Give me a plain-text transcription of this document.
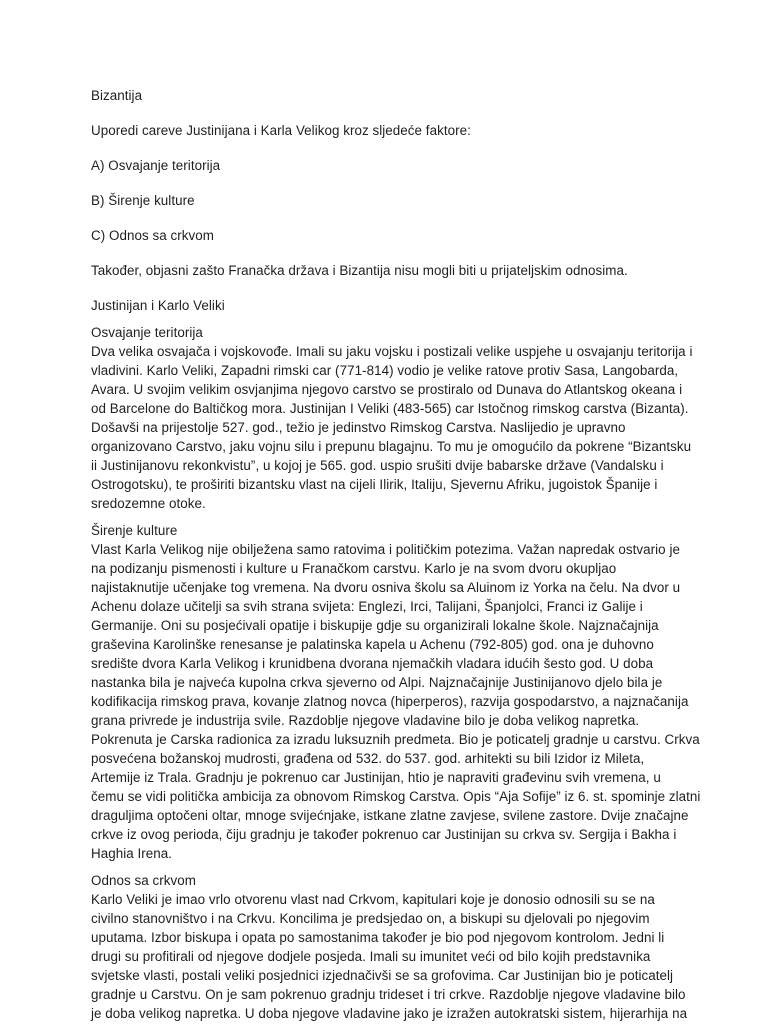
Bizantija

Uporedi careve Justinijana i Karla Velikog kroz sljedeće faktore:

A) Osvajanje teritorija

B) Širenje kulture

C) Odnos sa crkvom

Također, objasni zašto Franačka država i Bizantija nisu mogli biti u prijateljskim odnosima.

Justinijan i Karlo Veliki

Osvajanje teritorija

Dva velika osvajača i vojskovođe. Imali su jaku vojsku i postizali velike uspjehe u osvajanju teritorija i

vladivini. Karlo Veliki, Zapadni rimski car (771-814) vodio je velike ratove protiv Sasa, Langobarda,

Avara. U svojim velikim osvjanjima njegovo carstvo se prostiralo od Dunava do Atlantskog okeana i

od Barcelone do Baltičkog mora. Justinijan I Veliki (483-565) car Istočnog rimskog carstva (Bizanta).

Došavši na prijestolje 527. god., težio je jedinstvo Rimskog Carstva. Naslijedio je upravno

organizovano Carstvo, jaku vojnu silu i prepunu blagajnu. To mu je omogućilo da pokrene “Bizantsku

ii Justinijanovu rekonkvistu”, u kojoj je 565. god. uspio srušiti dvije babarske države (Vandalsku i

Ostrogotsku), te proširiti bizantsku vlast na cijeli Ilirik, Italiju, Sjevernu Afriku, jugoistok Španije i

sredozemne otoke.

Širenje kulture

Vlast Karla Velikog nije obilježena samo ratovima i političkim potezima. Važan napredak ostvario je

na podizanju pismenosti i kulture u Franačkom carstvu. Karlo je na svom dvoru okupljao

najistaknutije učenjake tog vremena. Na dvoru osniva školu sa Aluinom iz Yorka na čelu. Na dvor u

Achenu dolaze učitelji sa svih strana svijeta: Englezi, Irci, Talijani, Španjolci, Franci iz Galije i

Germanije. Oni su posjećivali opatije i biskupije gdje su organizirali lokalne škole. Najznačajnija

graševina Karolinške renesanse je palatinska kapela u Achenu (792-805) god. ona je duhovno

središte dvora Karla Velikog i krunidbena dvorana njemačkih vladara idućih šesto god. U doba

nastanka bila je najveća kupolna crkva sjeverno od Alpi. Najznačajnije Justinijanovo djelo bila je

kodifikacija rimskog prava, kovanje zlatnog novca (hiperperos), razvija gospodarstvo, a najznačanija

grana privrede je industrija svile. Razdoblje njegove vladavine bilo je doba velikog napretka.

Pokrenuta je Carska radionica za izradu luksuznih predmeta. Bio je poticatelj gradnje u carstvu. Crkva

posvećena božanskoj mudrosti, građena od 532. do 537. god. arhitekti su bili Izidor iz Mileta,

Artemije iz Trala. Gradnju je pokrenuo car Justinijan, htio je napraviti građevinu svih vremena, u

čemu se vidi politička ambicija za obnovom Rimskog Carstva. Opis “Aja Sofije” iz 6. st. spominje zlatni

draguljima optočeni oltar, mnoge svijećnjake, istkane zlatne zavjese, svilene zastore. Dvije značajne

crkve iz ovog perioda, čiju gradnju je također pokrenuo car Justinijan su crkva sv. Sergija i Bakha i

Haghia Irena.

Odnos sa crkvom

Karlo Veliki je imao vrlo otvorenu vlast nad Crkvom, kapitulari koje je donosio odnosili su se na

civilno stanovništvo i na Crkvu. Koncilima je predsjedao on, a biskupi su djelovali po njegovim

uputama. Izbor biskupa i opata po samostanima također je bio pod njegovom kontrolom. Jedni li

drugi su profitirali od njegove dodjele posjeda. Imali su imunitet veći od bilo kojih predstavnika

svjetske vlasti, postali veliki posjednici izjednačivši se sa grofovima. Car Justinijan bio je poticatelj

gradnje u Carstvu. On je sam pokrenuo gradnju trideset i tri crkve. Razdoblje njegove vladavine bilo

je doba velikog napretka. U doba njegove vladavine jako je izražen autokratski sistem, hijerarhija na
